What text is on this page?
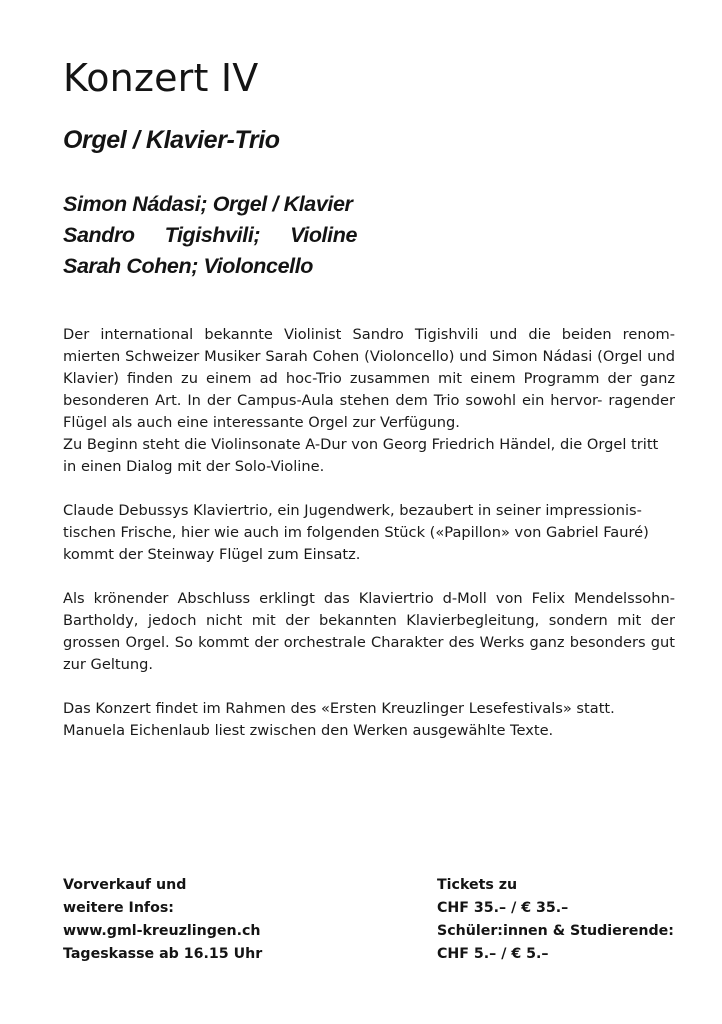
Konzert IV
Orgel / Klavier-Trio
Simon Nádasi; Orgel / Klavier
Sandro Tigishvili; Violine
Sarah Cohen; Violoncello

Der international bekannte Violinist Sandro Tigishvili und die beiden renom- mierten Schweizer Musiker Sarah Cohen (Violoncello) und Simon Nádasi (Orgel und Klavier) finden zu einem ad hoc-Trio zusammen mit einem Programm der ganz besonderen Art. In der Campus-Aula stehen dem Trio sowohl ein hervor- ragender Flügel als auch eine interessante Orgel zur Verfügung.

Zu Beginn steht die Violinsonate A-Dur von Georg Friedrich Händel, die Orgel tritt in einen Dialog mit der Solo-Violine.

Claude Debussys Klaviertrio, ein Jugendwerk, bezaubert in seiner impressionis- tischen Frische, hier wie auch im folgenden Stück («Papillon» von Gabriel Fauré) kommt der Steinway Flügel zum Einsatz.

Als krönender Abschluss erklingt das Klaviertrio d-Moll von Felix Mendelssohn- Bartholdy, jedoch nicht mit der bekannten Klavierbegleitung, sondern mit der grossen Orgel. So kommt der orchestrale Charakter des Werks ganz besonders gut zur Geltung.

Das Konzert findet im Rahmen des «Ersten Kreuzlinger Lesefestivals» statt. Manuela Eichenlaub liest zwischen den Werken ausgewählte Texte.

Vorverkauf und
weitere Infos:
www.gml-kreuzlingen.ch
Tageskasse ab 16.15 Uhr
Tickets zu
CHF 35.– / € 35.–
Schüler:innen & Studierende:
CHF 5.– / € 5.–
